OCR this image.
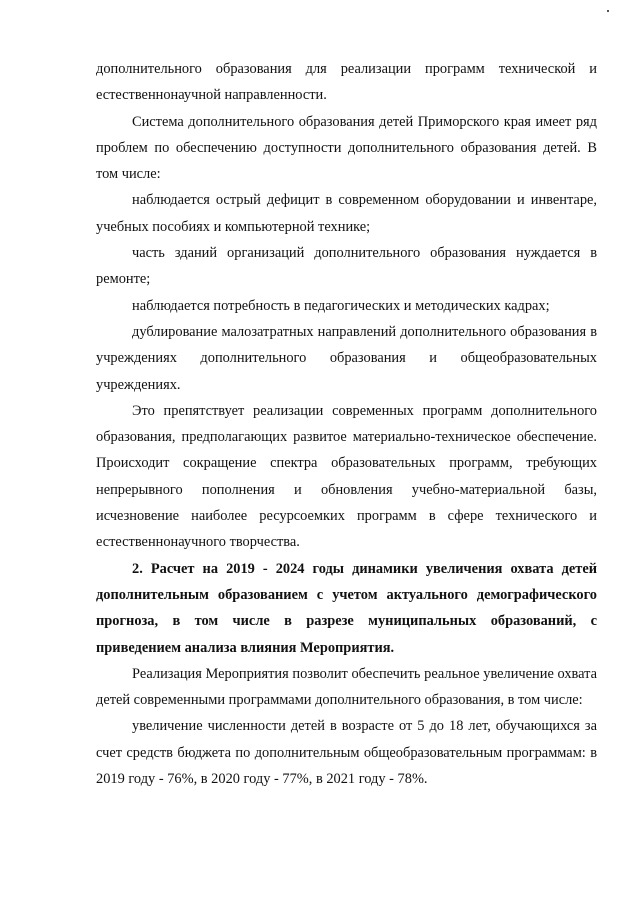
дополнительного образования для реализации программ технической и естественнонаучной направленности.

Система дополнительного образования детей Приморского края имеет ряд проблем по обеспечению доступности дополнительного образования детей. В том числе:

наблюдается острый дефицит в современном оборудовании и инвентаре, учебных пособиях и компьютерной технике;

часть зданий организаций дополнительного образования нуждается в ремонте;

наблюдается потребность в педагогических и методических кадрах;

дублирование малозатратных направлений дополнительного образования в учреждениях дополнительного образования и общеобразовательных учреждениях.

Это препятствует реализации современных программ дополнительного образования, предполагающих развитое материально-техническое обеспечение. Происходит сокращение спектра образовательных программ, требующих непрерывного пополнения и обновления учебно-материальной базы, исчезновение наиболее ресурсоемких программ в сфере технического и естественнонаучного творчества.

2. Расчет на 2019 - 2024 годы динамики увеличения охвата детей дополнительным образованием с учетом актуального демографического прогноза, в том числе в разрезе муниципальных образований, с приведением анализа влияния Мероприятия.

Реализация Мероприятия позволит обеспечить реальное увеличение охвата детей современными программами дополнительного образования, в том числе:

увеличение численности детей в возрасте от 5 до 18 лет, обучающихся за счет средств бюджета по дополнительным общеобразовательным программам: в 2019 году - 76%, в 2020 году - 77%, в 2021 году - 78%.
